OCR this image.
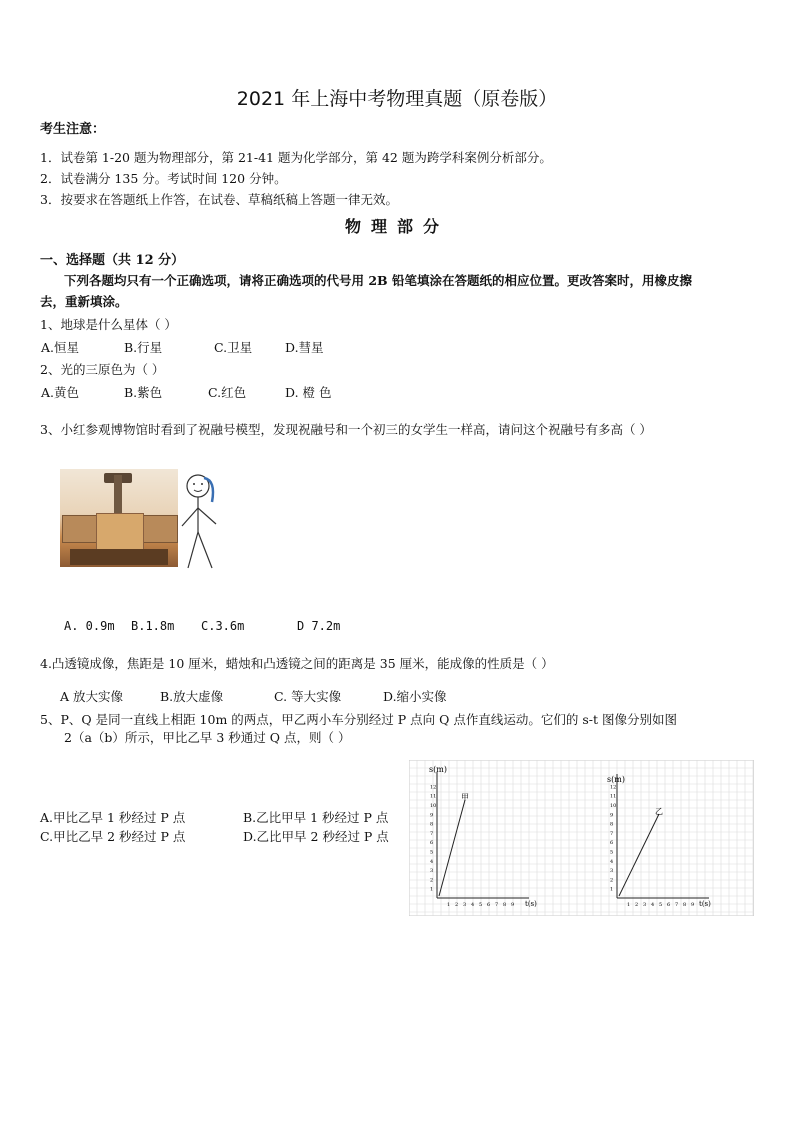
2021 年上海中考物理真题（原卷版）
考生注意：
1．试卷第 1-20 题为物理部分，第 21-41 题为化学部分，第 42 题为跨学科案例分析部分。
2．试卷满分 135 分。考试时间 120 分钟。
3．按要求在答题纸上作答，在试卷、草稿纸稿上答题一律无效。
物理部分
一、选择题（共 12 分）
下列各题均只有一个正确选项，请将正确选项的代号用 2B 铅笔填涂在答题纸的相应位置。更改答案时，用橡皮擦
去，重新填涂。
1、地球是什么星体（ ）
A.恒星	B.行星	C.卫星	D.彗星
2、光的三原色为（ ）
A.黄色	B.紫色	C.红色	D. 橙 色
3、小红参观博物馆时看到了祝融号模型，发现祝融号和一个初三的女学生一样高，请问这个祝融号有多高（ ）
A. 0.9m B.1.8m C.3.6m	D 7.2m
4.凸透镜成像，焦距是 10 厘米，蜡烛和凸透镜之间的距离是 35 厘米，能成像的性质是（ ）
A 放大实像	B.放大虚像	C. 等大实像	D.缩小实像
5、P、Q 是同一直线上相距 10m 的两点，甲乙两小车分别经过 P 点向 Q 点作直线运动。它们的 s-t 图像分别如图
2（a（b）所示，甲比乙早 3 秒通过 Q 点，则（ ）
A.甲比乙早 1 秒经过 P 点	B.乙比甲早 1 秒经过 P 点
C.甲比乙早 2 秒经过 P 点	D.乙比甲早 2 秒经过 P 点
s(m)
t(s)
甲
1 2 3 4 5 6 7 8 9
1
2
3
4
5
6
7
8
9
10
11
12
s(m)
t(s)
乙
1 2 3 4 5 6 7 8 9
1
2
3
4
5
6
7
8
9
10
11
12
